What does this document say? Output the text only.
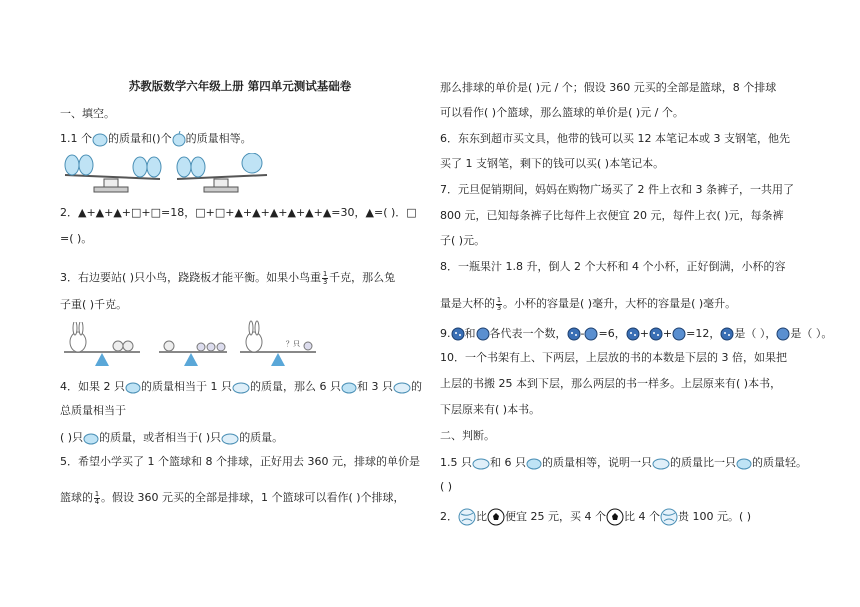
苏教版数学六年级上册 第四单元测试基础卷
一、填空。
1.1 个 的质量和()个 的质量相等。
2．▲+▲+▲+□+□=18，□+□+▲+▲+▲+▲+▲+▲=30，▲=( )．□
=( )。
3．右边要站( )只小鸟，跷跷板才能平衡。如果小鸟重 $\frac{1}{3}$ 千克，那么兔
子重( )千克。
？只
4．如果 2 只 的质量相当于 1 只 的质量，那么 6 只 和 3 只 的
总质量相当于
( )只 的质量，或者相当于( )只 的质量。
5．希望小学买了 1 个篮球和 8 个排球，正好用去 360 元，排球的单价是
篮球的 $\frac{1}{4}$ 。假设 360 元买的全部是排球，1 个篮球可以看作( )个排球，
那么排球的单价是( )元 / 个；假设 360 元买的全部是篮球，8 个排球
可以看作( )个篮球，那么篮球的单价是( )元 / 个。
6．东东到超市买文具，他带的钱可以买 12 本笔记本或 3 支钢笔，他先
买了 1 支钢笔，剩下的钱可以买( )本笔记本。
7．元旦促销期间，妈妈在购物广场买了 2 件上衣和 3 条裤子，一共用了
800 元，已知每条裤子比每件上衣便宜 20 元，每件上衣( )元，每条裤
子( )元。
8．一瓶果汁 1.8 升，倒人 2 个大杯和 4 个小杯，正好倒满，小杯的容
量是大杯的 $\frac{1}{3}$ 。小杯的容量是( )毫升，大杯的容量是( )毫升。
9. 和 各代表一个数， - =6， + + =12， 是（ ）， 是（ ）。
10．一个书架有上、下两层，上层放的书的本数是下层的 3 倍，如果把
上层的书搬 25 本到下层，那么两层的书一样多。上层原来有( )本书，
下层原来有( )本书。
二、判断。
1.5 只 和 6 只 的质量相等，说明一只 的质量比一只 的质量轻。
( )
2． 比 便宜 25 元，买 4 个 比 4 个 贵 100 元。( )
